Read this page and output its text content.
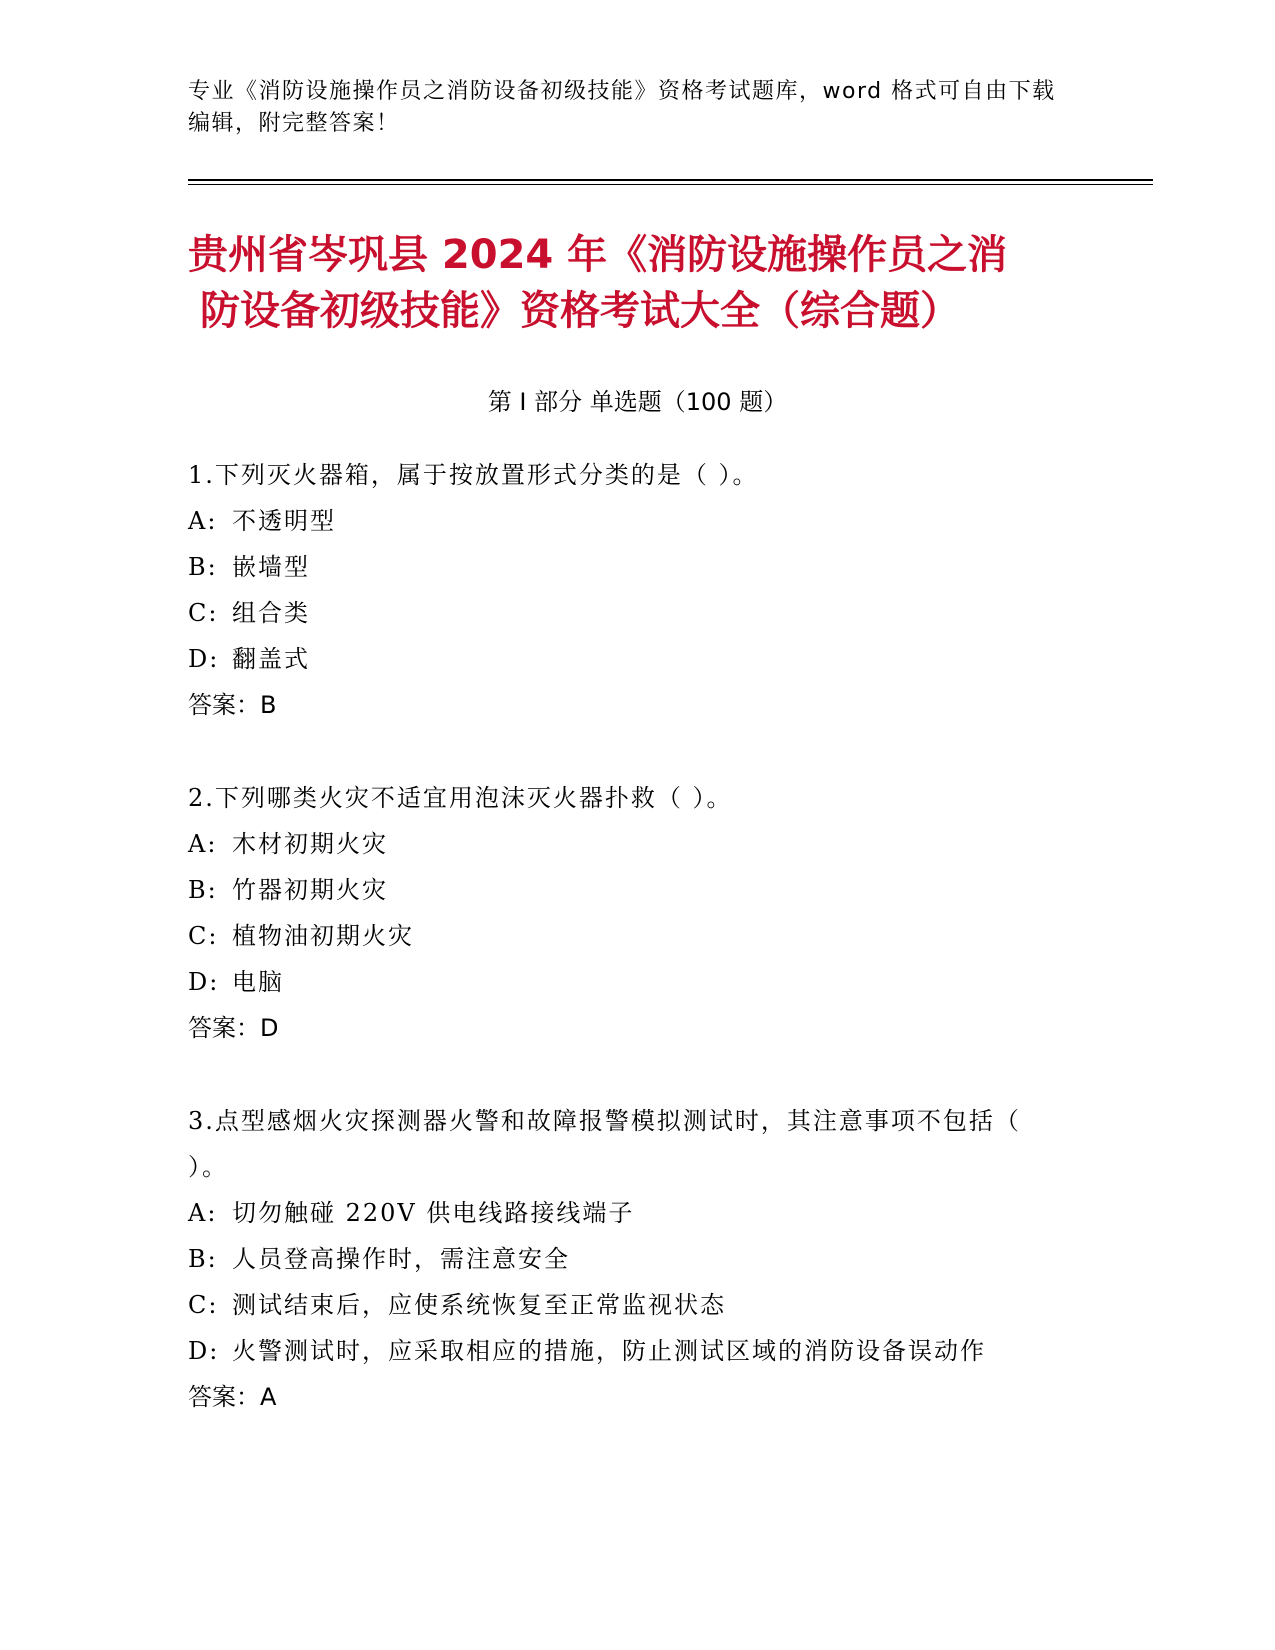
专业《消防设施操作员之消防设备初级技能》资格考试题库，word 格式可自由下载编辑，附完整答案！
贵州省岑巩县 2024 年《消防设施操作员之消
防设备初级技能》资格考试大全（综合题）
第 I 部分 单选题（100 题）
1.下列灭火器箱，属于按放置形式分类的是（ ）。
A: 不透明型
B: 嵌墙型
C: 组合类
D: 翻盖式
答案：B
2.下列哪类火灾不适宜用泡沫灭火器扑救（ ）。
A: 木材初期火灾
B: 竹器初期火灾
C: 植物油初期火灾
D: 电脑
答案：D
3.点型感烟火灾探测器火警和故障报警模拟测试时，其注意事项不包括（ ）。
A: 切勿触碰 220V 供电线路接线端子
B: 人员登高操作时，需注意安全
C: 测试结束后，应使系统恢复至正常监视状态
D: 火警测试时，应采取相应的措施，防止测试区域的消防设备误动作
答案：A
